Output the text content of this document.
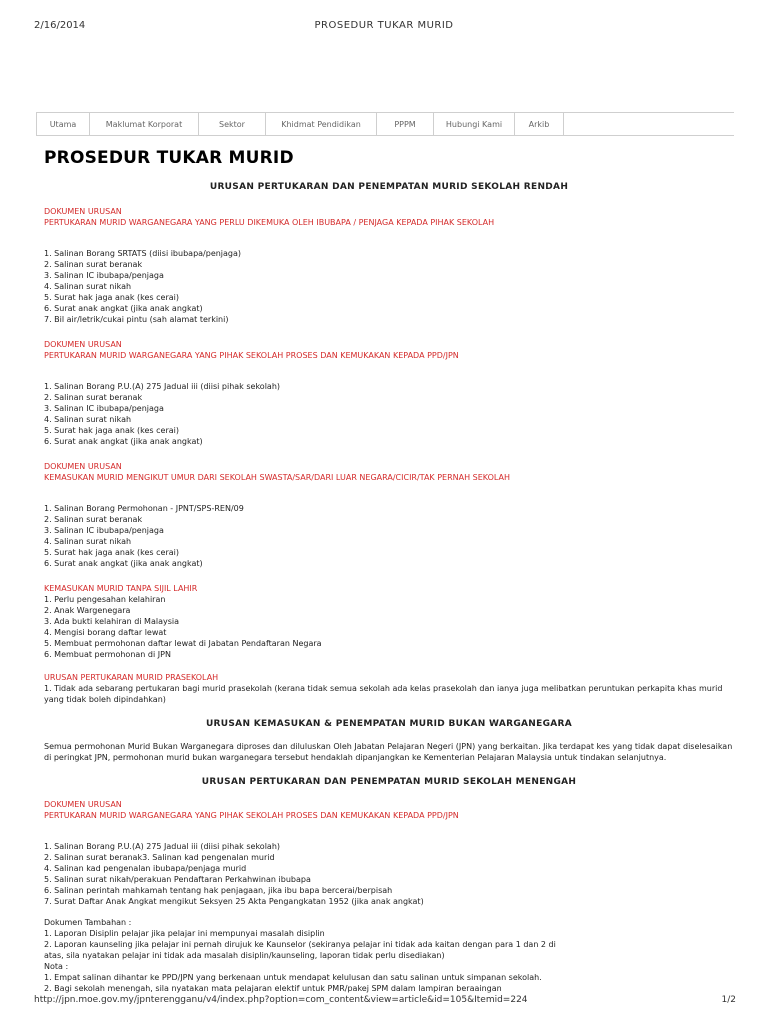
2/16/2014	PROSEDUR TUKAR MURID
Utama	Maklumat Korporat	Sektor	Khidmat Pendidikan	PPPM	Hubungi Kami	Arkib
PROSEDUR TUKAR MURID
URUSAN PERTUKARAN DAN PENEMPATAN MURID SEKOLAH RENDAH
DOKUMEN URUSAN
PERTUKARAN MURID WARGANEGARA YANG PERLU DIKEMUKA OLEH IBUBAPA / PENJAGA KEPADA PIHAK SEKOLAH
1. Salinan Borang SRTATS (diisi ibubapa/penjaga)
2. Salinan surat beranak
3. Salinan IC ibubapa/penjaga
4. Salinan surat nikah
5. Surat hak jaga anak (kes cerai)
6. Surat anak angkat (jika anak angkat)
7. Bil air/letrik/cukai pintu (sah alamat terkini)
DOKUMEN URUSAN
PERTUKARAN MURID WARGANEGARA YANG PIHAK SEKOLAH PROSES DAN KEMUKAKAN KEPADA PPD/JPN
1. Salinan Borang P.U.(A) 275 Jadual iii (diisi pihak sekolah)
2. Salinan surat beranak
3. Salinan IC ibubapa/penjaga
4. Salinan surat nikah
5. Surat hak jaga anak (kes cerai)
6. Surat anak angkat (jika anak angkat)
DOKUMEN URUSAN
KEMASUKAN MURID MENGIKUT UMUR DARI SEKOLAH SWASTA/SAR/DARI LUAR NEGARA/CICIR/TAK PERNAH SEKOLAH
1. Salinan Borang Permohonan - JPNT/SPS-REN/09
2. Salinan surat beranak
3. Salinan IC ibubapa/penjaga
4. Salinan surat nikah
5. Surat hak jaga anak (kes cerai)
6. Surat anak angkat (jika anak angkat)
KEMASUKAN MURID TANPA SIJIL LAHIR
1. Perlu pengesahan kelahiran
2. Anak Wargenegara
3. Ada bukti kelahiran di Malaysia
4. Mengisi borang daftar lewat
5. Membuat permohonan daftar lewat di Jabatan Pendaftaran Negara
6. Membuat permohonan di JPN
URUSAN PERTUKARAN MURID PRASEKOLAH
1. Tidak ada sebarang pertukaran bagi murid prasekolah (kerana tidak semua sekolah ada kelas prasekolah dan ianya juga melibatkan peruntukan perkapita khas murid yang tidak boleh dipindahkan)
URUSAN KEMASUKAN & PENEMPATAN MURID BUKAN WARGANEGARA
Semua permohonan Murid Bukan Warganegara diproses dan diluluskan Oleh Jabatan Pelajaran Negeri (JPN) yang berkaitan. Jika terdapat kes yang tidak dapat diselesaikan di peringkat JPN, permohonan murid bukan warganegara tersebut hendaklah dipanjangkan ke Kementerian Pelajaran Malaysia untuk tindakan selanjutnya.
URUSAN PERTUKARAN DAN PENEMPATAN MURID SEKOLAH MENENGAH
DOKUMEN URUSAN
PERTUKARAN MURID WARGANEGARA YANG PIHAK SEKOLAH PROSES DAN KEMUKAKAN KEPADA PPD/JPN
1. Salinan Borang P.U.(A) 275 Jadual iii (diisi pihak sekolah)
2. Salinan surat beranak3. Salinan kad pengenalan murid
4. Salinan kad pengenalan ibubapa/penjaga murid
5. Salinan surat nikah/perakuan Pendaftaran Perkahwinan ibubapa
6. Salinan perintah mahkamah tentang hak penjagaan, jika ibu bapa bercerai/berpisah
7. Surat Daftar Anak Angkat mengikut Seksyen 25 Akta Pengangkatan 1952 (jika anak angkat)
Dokumen Tambahan :
1. Laporan Disiplin pelajar jika pelajar ini mempunyai masalah disiplin
2. Laporan kaunseling jika pelajar ini pernah dirujuk ke Kaunselor (sekiranya pelajar ini tidak ada kaitan dengan para 1 dan 2 di atas, sila nyatakan pelajar ini tidak ada masalah disiplin/kaunseling, laporan tidak perlu disediakan)
Nota :
1. Empat salinan dihantar ke PPD/JPN yang berkenaan untuk mendapat kelulusan dan satu salinan untuk simpanan sekolah.
2. Bagi sekolah menengah, sila nyatakan mata pelajaran elektif untuk PMR/pakej SPM dalam lampiran beraaingan
http://jpn.moe.gov.my/jpnterengganu/v4/index.php?option=com_content&view=article&id=105&Itemid=224	1/2
